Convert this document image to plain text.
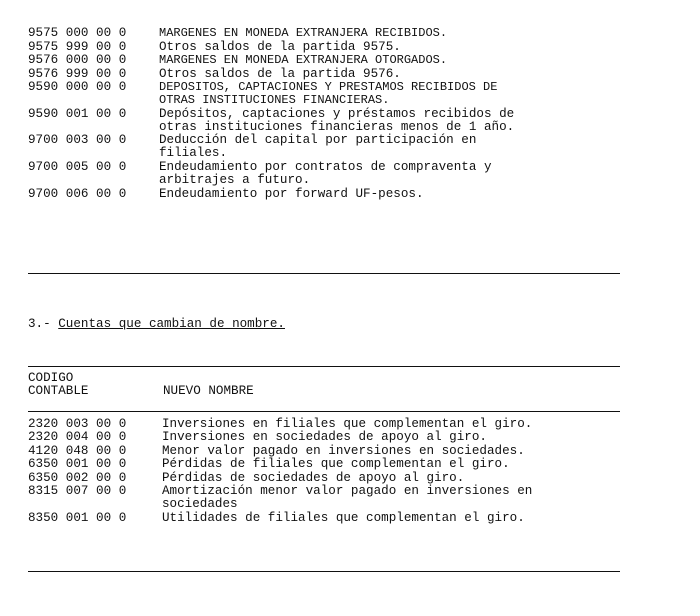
9575 000 00 0	MARGENES EN MONEDA EXTRANJERA RECIBIDOS.
9575 999 00 0	Otros saldos de la partida 9575.
9576 000 00 0	MARGENES EN MONEDA EXTRANJERA OTORGADOS.
9576 999 00 0	Otros saldos de la partida 9576.
9590 000 00 0	DEPOSITOS, CAPTACIONES Y PRESTAMOS RECIBIDOS DE
OTRAS INSTITUCIONES FINANCIERAS.
9590 001 00 0	Depósitos, captaciones y préstamos recibidos de
otras instituciones financieras menos de 1 año.
9700 003 00 0	Deducción del capital por participación en
filiales.
9700 005 00 0	Endeudamiento por contratos de compraventa y
arbitrajes a futuro.
9700 006 00 0	Endeudamiento por forward UF-pesos.
3.- Cuentas que cambian de nombre.
CODIGO
CONTABLE	NUEVO NOMBRE
2320 003 00 0	Inversiones en filiales que complementan el giro.
2320 004 00 0	Inversiones en sociedades de apoyo al giro.
4120 048 00 0	Menor valor pagado en inversiones en sociedades.
6350 001 00 0	Pérdidas de filiales que complementan el giro.
6350 002 00 0	Pérdidas de sociedades de apoyo al giro.
8315 007 00 0	Amortización menor valor pagado en inversiones en
sociedades
8350 001 00 0	Utilidades de filiales que complementan el giro.
